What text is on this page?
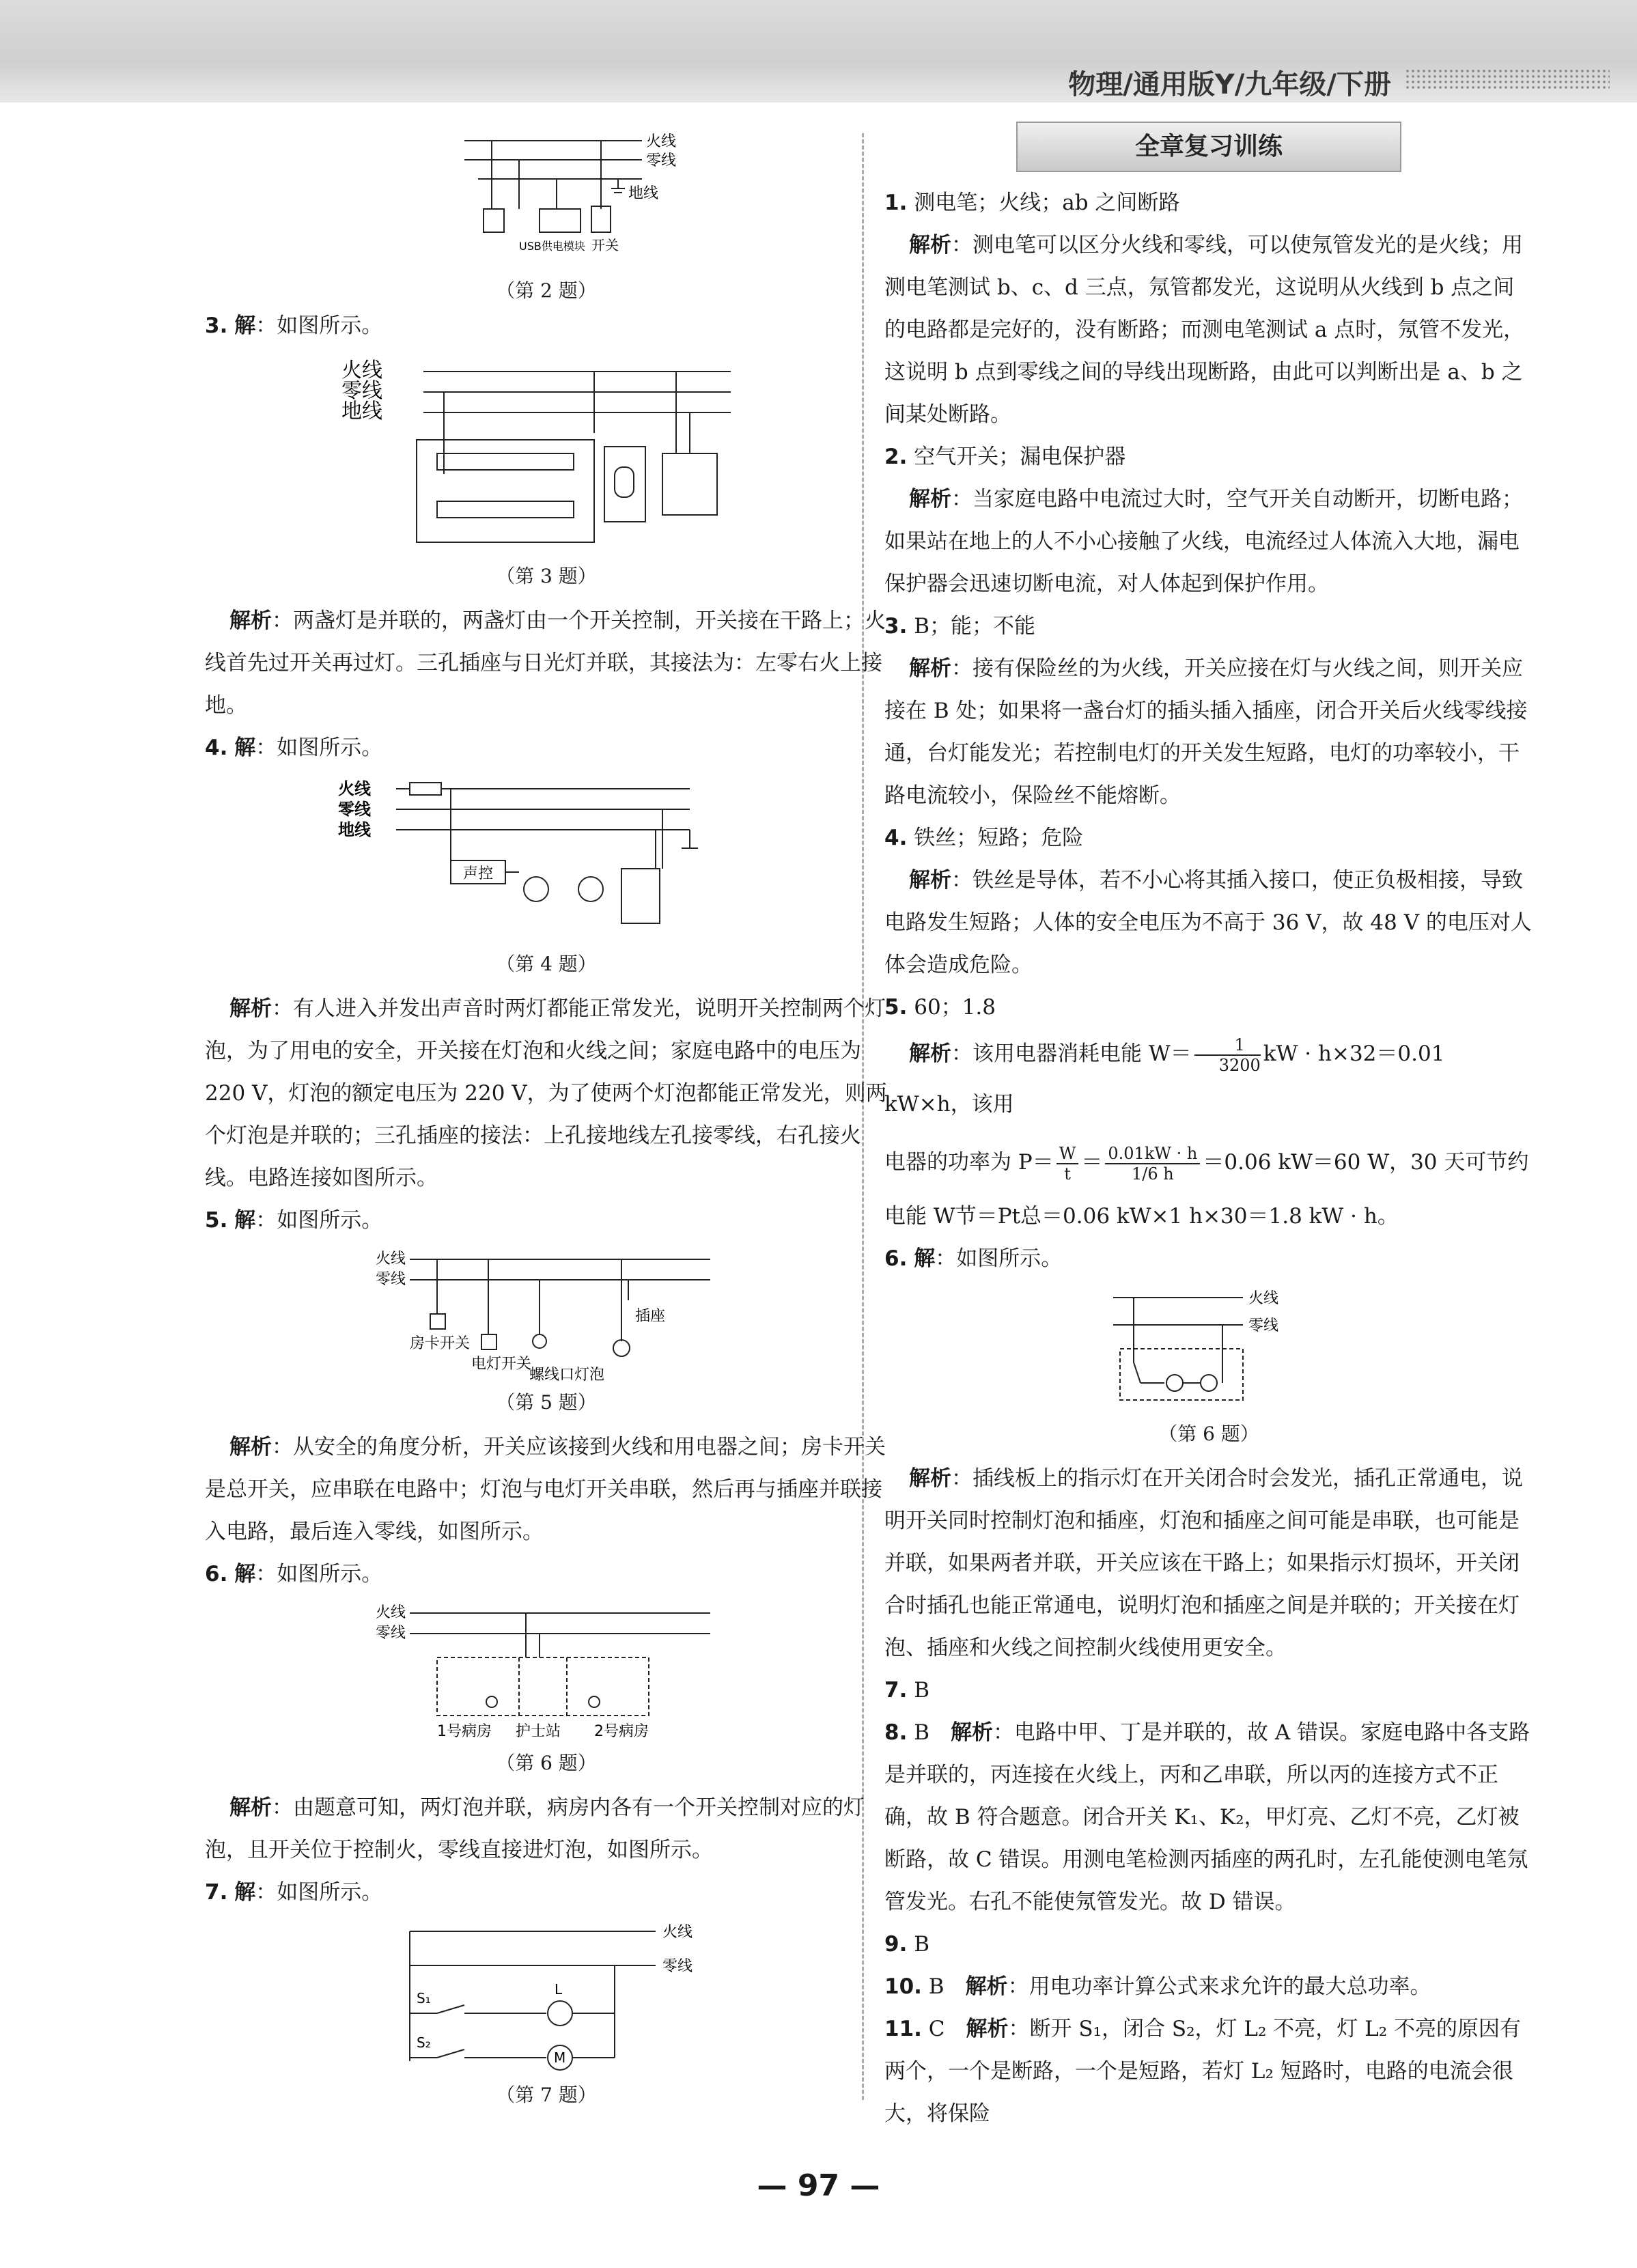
物理/通用版Y/九年级/下册
火线
零线
地线
USB供电模块 开关
（第 2 题）

3. 解：如图所示。

火线
零线
地线
（第 3 题）

解析：两盏灯是并联的，两盏灯由一个开关控制，开关接在干路上；火线首先过开关再过灯。三孔插座与日光灯并联，其接法为：左零右火上接地。

4. 解：如图所示。

火线
零线
地线
声控
（第 4 题）

解析：有人进入并发出声音时两灯都能正常发光，说明开关控制两个灯泡，为了用电的安全，开关接在灯泡和火线之间；家庭电路中的电压为 220 V，灯泡的额定电压为 220 V，为了使两个灯泡都能正常发光，则两个灯泡是并联的；三孔插座的接法：上孔接地线左孔接零线，右孔接火线。电路连接如图所示。

5. 解：如图所示。

火线
零线
房卡开关
电灯开关
螺线口灯泡
插座
（第 5 题）

解析：从安全的角度分析，开关应该接到火线和用电器之间；房卡开关是总开关，应串联在电路中；灯泡与电灯开关串联，然后再与插座并联接入电路，最后连入零线，如图所示。

6. 解：如图所示。

火线
零线
1号病房 护士站 2号病房
（第 6 题）

解析：由题意可知，两灯泡并联，病房内各有一个开关控制对应的灯泡，且开关位于控制火，零线直接进灯泡，如图所示。

7. 解：如图所示。

火线
零线
S₁
S₂
L
M
（第 7 题）
全章复习训练

1. 测电笔；火线；ab 之间断路

解析：测电笔可以区分火线和零线，可以使氖管发光的是火线；用测电笔测试 b、c、d 三点，氖管都发光，这说明从火线到 b 点之间的电路都是完好的，没有断路；而测电笔测试 a 点时，氖管不发光，这说明 b 点到零线之间的导线出现断路，由此可以判断出是 a、b 之间某处断路。

2. 空气开关；漏电保护器

解析：当家庭电路中电流过大时，空气开关自动断开，切断电路；如果站在地上的人不小心接触了火线，电流经过人体流入大地，漏电保护器会迅速切断电流，对人体起到保护作用。

3. B；能；不能

解析：接有保险丝的为火线，开关应接在灯与火线之间，则开关应接在 B 处；如果将一盏台灯的插头插入插座，闭合开关后火线零线接通，台灯能发光；若控制电灯的开关发生短路，电灯的功率较小，干路电流较小，保险丝不能熔断。

4. 铁丝；短路；危险

解析：铁丝是导体，若不小心将其插入接口，使正负极相接，导致电路发生短路；人体的安全电压为不高于 36 V，故 48 V 的电压对人体会造成危险。

5. 60；1.8

解析：该用电器消耗电能 $W= \frac{1}{3200}$ kW · h×32＝0.01 kW×h，该用

电器的功率为 $P= \frac{W}{t} = \frac{0.01kW \cdot h}{1/6 h} =0.06$ kW＝60 W，30 天可节约

电能 W节＝Pt总＝0.06 kW×1 h×30＝1.8 kW · h。

6. 解：如图所示。

火线
零线
（第 6 题）

解析：插线板上的指示灯在开关闭合时会发光，插孔正常通电，说明开关同时控制灯泡和插座，灯泡和插座之间可能是串联，也可能是并联，如果两者并联，开关应该在干路上；如果指示灯损坏，开关闭合时插孔也能正常通电，说明灯泡和插座之间是并联的；开关接在灯泡、插座和火线之间控制火线使用更安全。

7. B

8. B　 解析：电路中甲、丁是并联的，故 A 错误。家庭电路中各支路是并联的，丙连接在火线上，丙和乙串联，所以丙的连接方式不正确，故 B 符合题意。闭合开关 K₁、K₂，甲灯亮、乙灯不亮，乙灯被断路，故 C 错误。用测电笔检测丙插座的两孔时，左孔能使测电笔氖管发光。右孔不能使氖管发光。故 D 错误。

9. B

10. B　 解析：用电功率计算公式来求允许的最大总功率。

11. C　 解析：断开 S₁，闭合 S₂，灯 L₂ 不亮，灯 L₂ 不亮的原因有两个，一个是断路，一个是短路，若灯 L₂ 短路时，电路的电流会很大，将保险

— 97 —
